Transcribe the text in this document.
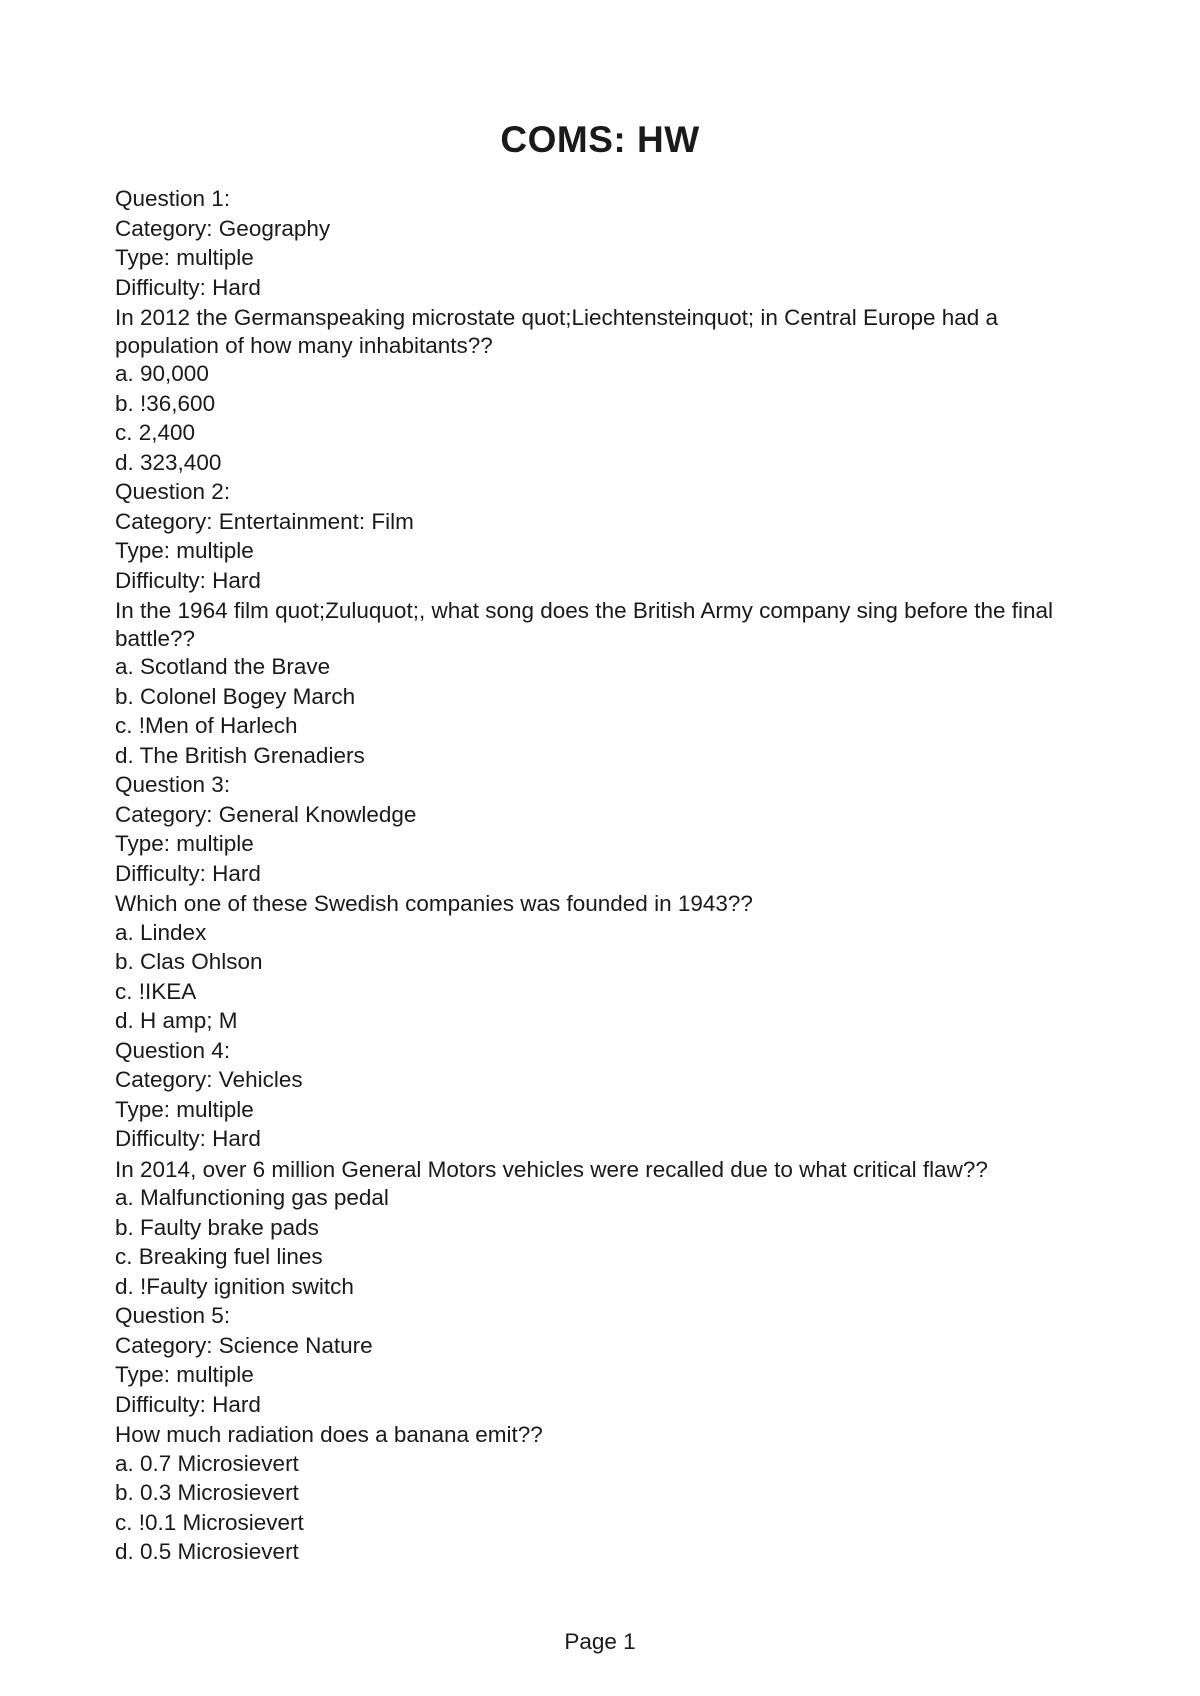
COMS: HW

Question 1:

Category: Geography

Type: multiple

Difficulty: Hard

In 2012 the Germanspeaking microstate quot;Liechtensteinquot; in Central Europe had a population of how many inhabitants??

a. 90,000

b. !36,600

c. 2,400

d. 323,400

Question 2:

Category: Entertainment: Film

Type: multiple

Difficulty: Hard

In the 1964 film quot;Zuluquot;, what song does the British Army company sing before the final battle??

a. Scotland the Brave

b. Colonel Bogey March

c. !Men of Harlech

d. The British Grenadiers

Question 3:

Category: General Knowledge

Type: multiple

Difficulty: Hard

Which one of these Swedish companies was founded in 1943??

a. Lindex

b. Clas Ohlson

c. !IKEA

d. H amp; M

Question 4:

Category: Vehicles

Type: multiple

Difficulty: Hard

In 2014, over 6 million General Motors vehicles were recalled due to what critical flaw??

a. Malfunctioning gas pedal

b. Faulty brake pads

c. Breaking fuel lines

d. !Faulty ignition switch

Question 5:

Category: Science Nature

Type: multiple

Difficulty: Hard

How much radiation does a banana emit??

a. 0.7 Microsievert

b. 0.3 Microsievert

c. !0.1 Microsievert

d. 0.5 Microsievert

Page 1
